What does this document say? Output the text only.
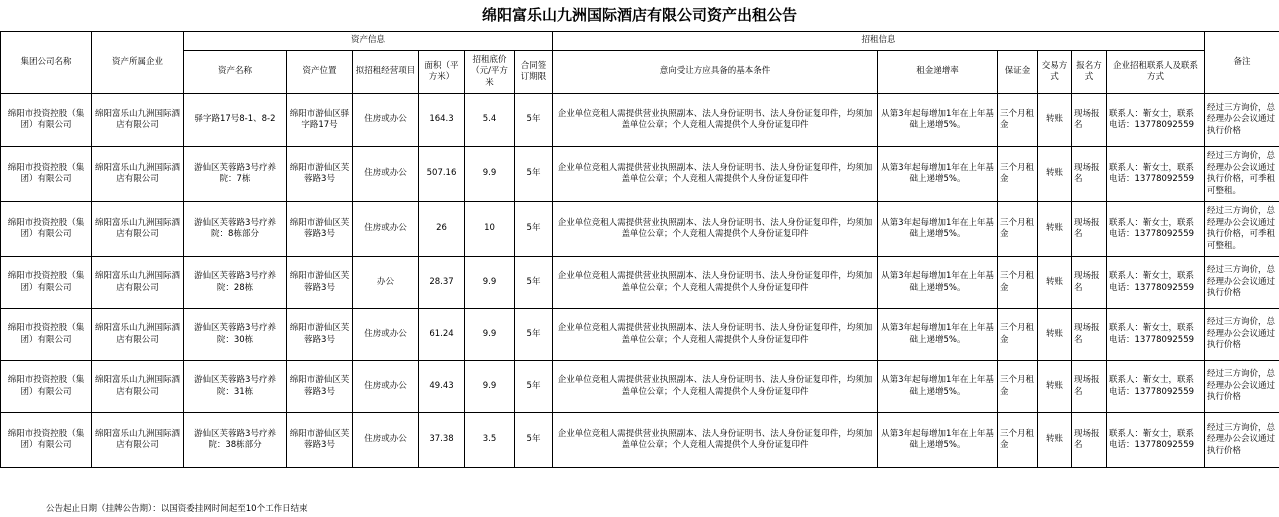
绵阳富乐山九洲国际酒店有限公司资产出租公告
集团公司名称	资产所属企业	资产信息						招租信息						备注
		资产名称	资产位置	拟招租经营项目	面积（平方米）	招租底价（元/平方米	合同签订期限	意向受让方应具备的基本条件	租金递增率	保证金	交易方式	报名方式	企业招租联系人及联系方式	
绵阳市投资控股（集团）有限公司	绵阳富乐山九洲国际酒店有限公司	驿字路17号8-1、8-2	绵阳市游仙区驿字路17号	住房或办公	164.3	5.4	5年	企业单位竞租人需提供营业执照副本、法人身份证明书、法人身份证复印件，均须加盖单位公章；个人竞租人需提供个人身份证复印件	从第3年起每增加1年在上年基础上递增5%。	三个月租金	转账	现场报名	联系人：靳女士，联系电话：13778092559	经过三方询价，总经理办公会议通过执行价格
绵阳市投资控股（集团）有限公司	绵阳富乐山九洲国际酒店有限公司	游仙区芙蓉路3号疗养院：7栋	绵阳市游仙区芙蓉路3号	住房或办公	507.16	9.9	5年	企业单位竞租人需提供营业执照副本、法人身份证明书、法人身份证复印件，均须加盖单位公章；个人竞租人需提供个人身份证复印件	从第3年起每增加1年在上年基础上递增5%。	三个月租金	转账	现场报名	联系人：靳女士，联系电话：13778092559	经过三方询价，总经理办公会议通过执行价格，可季租可整租。
绵阳市投资控股（集团）有限公司	绵阳富乐山九洲国际酒店有限公司	游仙区芙蓉路3号疗养院：8栋部分	绵阳市游仙区芙蓉路3号	住房或办公	26	10	5年	企业单位竞租人需提供营业执照副本、法人身份证明书、法人身份证复印件，均须加盖单位公章；个人竞租人需提供个人身份证复印件	从第3年起每增加1年在上年基础上递增5%。	三个月租金	转账	现场报名	联系人：靳女士，联系电话：13778092559	经过三方询价，总经理办公会议通过执行价格，可季租可整租。
绵阳市投资控股（集团）有限公司	绵阳富乐山九洲国际酒店有限公司	游仙区芙蓉路3号疗养院：28栋	绵阳市游仙区芙蓉路3号	办公	28.37	9.9	5年	企业单位竞租人需提供营业执照副本、法人身份证明书、法人身份证复印件，均须加盖单位公章；个人竞租人需提供个人身份证复印件	从第3年起每增加1年在上年基础上递增5%。	三个月租金	转账	现场报名	联系人：靳女士，联系电话：13778092559	经过三方询价，总经理办公会议通过执行价格
绵阳市投资控股（集团）有限公司	绵阳富乐山九洲国际酒店有限公司	游仙区芙蓉路3号疗养院：30栋	绵阳市游仙区芙蓉路3号	住房或办公	61.24	9.9	5年	企业单位竞租人需提供营业执照副本、法人身份证明书、法人身份证复印件，均须加盖单位公章；个人竞租人需提供个人身份证复印件	从第3年起每增加1年在上年基础上递增5%。	三个月租金	转账	现场报名	联系人：靳女士，联系电话：13778092559	经过三方询价，总经理办公会议通过执行价格
绵阳市投资控股（集团）有限公司	绵阳富乐山九洲国际酒店有限公司	游仙区芙蓉路3号疗养院：31栋	绵阳市游仙区芙蓉路3号	住房或办公	49.43	9.9	5年	企业单位竞租人需提供营业执照副本、法人身份证明书、法人身份证复印件，均须加盖单位公章；个人竞租人需提供个人身份证复印件	从第3年起每增加1年在上年基础上递增5%。	三个月租金	转账	现场报名	联系人：靳女士，联系电话：13778092559	经过三方询价，总经理办公会议通过执行价格
绵阳市投资控股（集团）有限公司	绵阳富乐山九洲国际酒店有限公司	游仙区芙蓉路3号疗养院：38栋部分	绵阳市游仙区芙蓉路3号	住房或办公	37.38	3.5	5年	企业单位竞租人需提供营业执照副本、法人身份证明书、法人身份证复印件，均须加盖单位公章；个人竞租人需提供个人身份证复印件	从第3年起每增加1年在上年基础上递增5%。	三个月租金	转账	现场报名	联系人：靳女士，联系电话：13778092559	经过三方询价，总经理办公会议通过执行价格
公告起止日期（挂牌公告期）：以国资委挂网时间起至10个工作日结束
